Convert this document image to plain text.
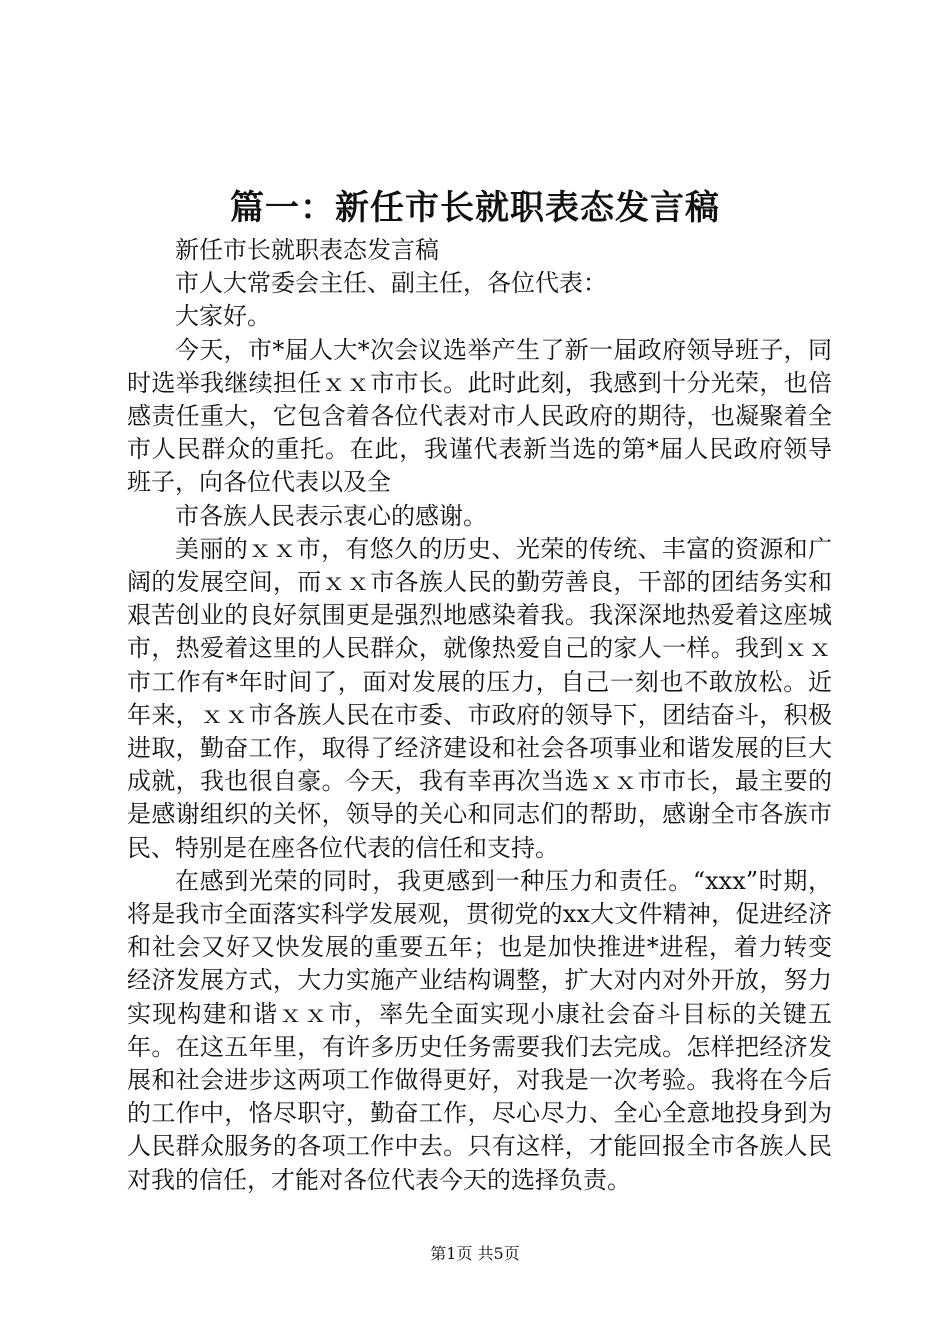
篇一：新任市长就职表态发言稿

新任市长就职表态发言稿

市人大常委会主任、副主任，各位代表：

大家好。

今天，市*届人大*次会议选举产生了新一届政府领导班子，同时选举我继续担任ｘｘ市市长。此时此刻，我感到十分光荣，也倍感责任重大，它包含着各位代表对市人民政府的期待，也凝聚着全市人民群众的重托。在此，我谨代表新当选的第*届人民政府领导班子，向各位代表以及全

市各族人民表示衷心的感谢。

美丽的ｘｘ市，有悠久的历史、光荣的传统、丰富的资源和广阔的发展空间，而ｘｘ市各族人民的勤劳善良，干部的团结务实和艰苦创业的良好氛围更是强烈地感染着我。我深深地热爱着这座城市，热爱着这里的人民群众，就像热爱自己的家人一样。我到ｘｘ市工作有*年时间了，面对发展的压力，自己一刻也不敢放松。近年来，ｘｘ市各族人民在市委、市政府的领导下，团结奋斗，积极进取，勤奋工作，取得了经济建设和社会各项事业和谐发展的巨大成就，我也很自豪。今天，我有幸再次当选ｘｘ市市长，最主要的是感谢组织的关怀，领导的关心和同志们的帮助，感谢全市各族市民、特别是在座各位代表的信任和支持。

在感到光荣的同时，我更感到一种压力和责任。“xxx”时期，将是我市全面落实科学发展观，贯彻党的xx大文件精神，促进经济和社会又好又快发展的重要五年；也是加快推进*进程，着力转变经济发展方式，大力实施产业结构调整，扩大对内对外开放，努力实现构建和谐ｘｘ市，率先全面实现小康社会奋斗目标的关键五年。在这五年里，有许多历史任务需要我们去完成。怎样把经济发展和社会进步这两项工作做得更好，对我是一次考验。我将在今后的工作中，恪尽职守，勤奋工作，尽心尽力、全心全意地投身到为人民群众服务的各项工作中去。只有这样，才能回报全市各族人民对我的信任，才能对各位代表今天的选择负责。

第1页 共5页
